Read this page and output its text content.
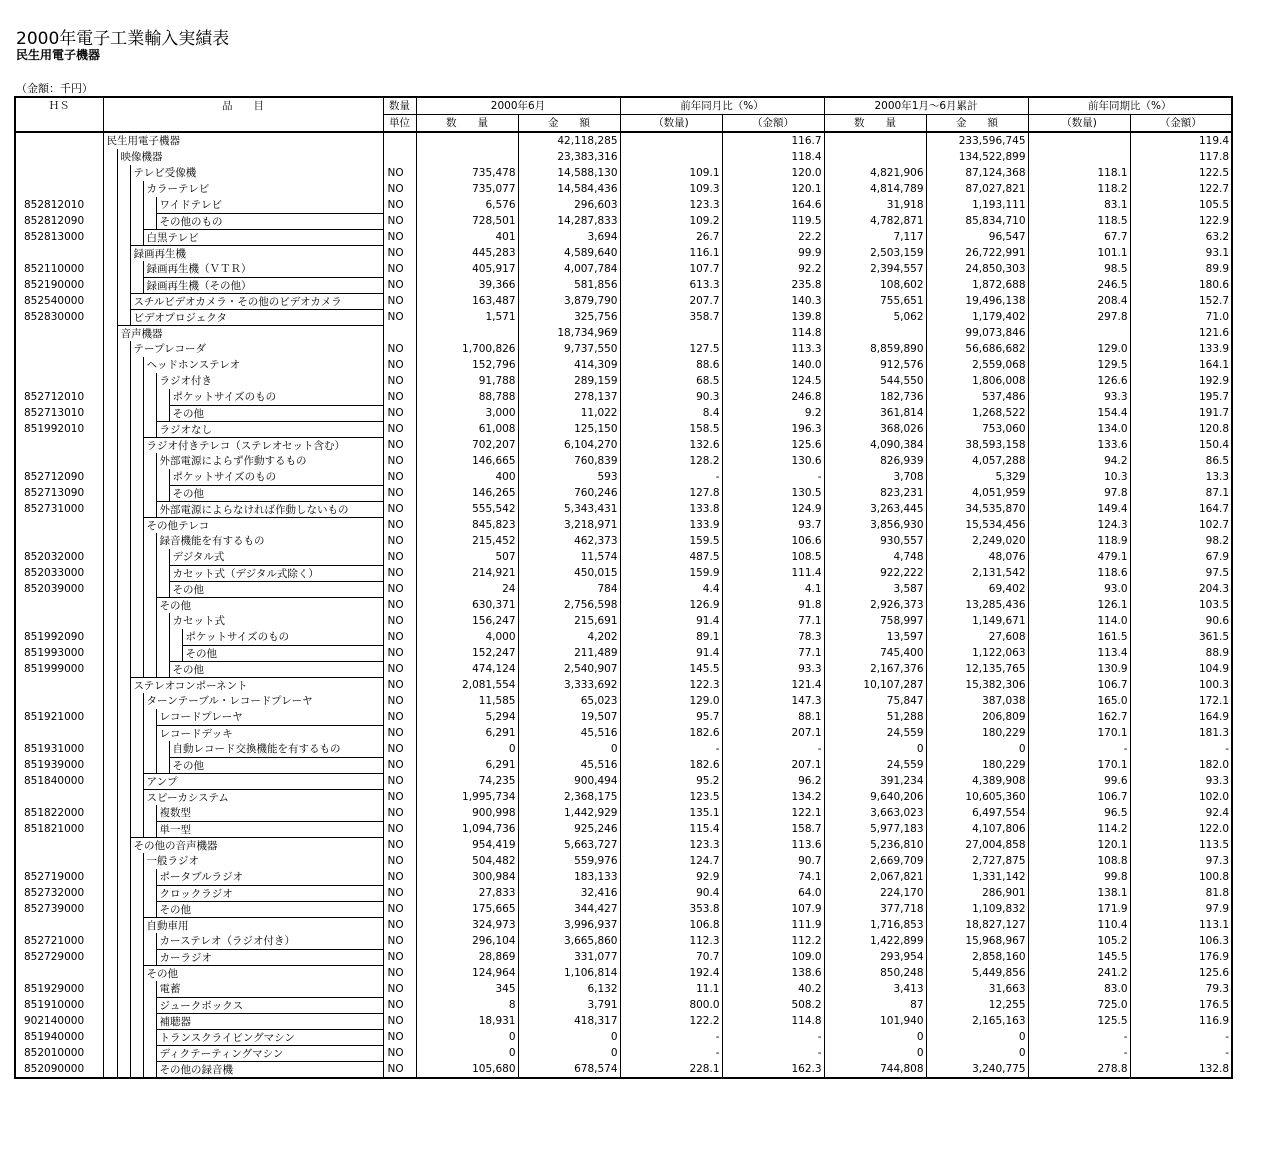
2000年電子工業輸入実績表
民生用電子機器
（金額：千円）
ＨＳ	品　　目	数量	2000年6月		前年同月比（%）		2000年1月～6月累計		前年同期比（%）	
		単位	数　　量	金　　額	（数量)	（金額）	数　　量	金　　額	（数量)	（金額）

	民生用電子機器			42,118,285		116.7		233,596,745		119.4

	映像機器			23,383,316		118.4		134,522,899		117.8

	テレビ受像機	NO	735,478	14,588,130	109.1	120.0	4,821,906	87,124,368	118.1	122.5

	カラーテレビ	NO	735,077	14,584,436	109.3	120.1	4,814,789	87,027,821	118.2	122.7
852812010	ワイドテレビ	NO	6,576	296,603	123.3	164.6	31,918	1,193,111	83.1	105.5
852812090	その他のもの	NO	728,501	14,287,833	109.2	119.5	4,782,871	85,834,710	118.5	122.9
852813000	白黒テレビ	NO	401	3,694	26.7	22.2	7,117	96,547	67.7	63.2

	録画再生機	NO	445,283	4,589,640	116.1	99.9	2,503,159	26,722,991	101.1	93.1
852110000	録画再生機（ＶＴＲ）	NO	405,917	4,007,784	107.7	92.2	2,394,557	24,850,303	98.5	89.9
852190000	録画再生機（その他）	NO	39,366	581,856	613.3	235.8	108,602	1,872,688	246.5	180.6
852540000	スチルビデオカメラ・その他のビデオカメラ	NO	163,487	3,879,790	207.7	140.3	755,651	19,496,138	208.4	152.7
852830000	ビデオプロジェクタ	NO	1,571	325,756	358.7	139.8	5,062	1,179,402	297.8	71.0

	音声機器			18,734,969		114.8		99,073,846		121.6

	テープレコーダ	NO	1,700,826	9,737,550	127.5	113.3	8,859,890	56,686,682	129.0	133.9

	ヘッドホンステレオ	NO	152,796	414,309	88.6	140.0	912,576	2,559,068	129.5	164.1

	ラジオ付き	NO	91,788	289,159	68.5	124.5	544,550	1,806,008	126.6	192.9
852712010	ポケットサイズのもの	NO	88,788	278,137	90.3	246.8	182,736	537,486	93.3	195.7
852713010	その他	NO	3,000	11,022	8.4	9.2	361,814	1,268,522	154.4	191.7
851992010	ラジオなし	NO	61,008	125,150	158.5	196.3	368,026	753,060	134.0	120.8

	ラジオ付きテレコ（ステレオセット含む）	NO	702,207	6,104,270	132.6	125.6	4,090,384	38,593,158	133.6	150.4

	外部電源によらず作動するもの	NO	146,665	760,839	128.2	130.6	826,939	4,057,288	94.2	86.5
852712090	ポケットサイズのもの	NO	400	593	-	-	3,708	5,329	10.3	13.3
852713090	その他	NO	146,265	760,246	127.8	130.5	823,231	4,051,959	97.8	87.1
852731000	外部電源によらなければ作動しないもの	NO	555,542	5,343,431	133.8	124.9	3,263,445	34,535,870	149.4	164.7

	その他テレコ	NO	845,823	3,218,971	133.9	93.7	3,856,930	15,534,456	124.3	102.7

	録音機能を有するもの	NO	215,452	462,373	159.5	106.6	930,557	2,249,020	118.9	98.2
852032000	デジタル式	NO	507	11,574	487.5	108.5	4,748	48,076	479.1	67.9
852033000	カセット式（デジタル式除く）	NO	214,921	450,015	159.9	111.4	922,222	2,131,542	118.6	97.5
852039000	その他	NO	24	784	4.4	4.1	3,587	69,402	93.0	204.3

	その他	NO	630,371	2,756,598	126.9	91.8	2,926,373	13,285,436	126.1	103.5

	カセット式	NO	156,247	215,691	91.4	77.1	758,997	1,149,671	114.0	90.6
851992090	ポケットサイズのもの	NO	4,000	4,202	89.1	78.3	13,597	27,608	161.5	361.5
851993000	その他	NO	152,247	211,489	91.4	77.1	745,400	1,122,063	113.4	88.9
851999000	その他	NO	474,124	2,540,907	145.5	93.3	2,167,376	12,135,765	130.9	104.9

	ステレオコンポーネント	NO	2,081,554	3,333,692	122.3	121.4	10,107,287	15,382,306	106.7	100.3

	ターンテーブル・レコードプレーヤ	NO	11,585	65,023	129.0	147.3	75,847	387,038	165.0	172.1
851921000	レコードプレーヤ	NO	5,294	19,507	95.7	88.1	51,288	206,809	162.7	164.9

	レコードデッキ	NO	6,291	45,516	182.6	207.1	24,559	180,229	170.1	181.3
851931000	自動レコード交換機能を有するもの	NO	0	0	-	-	0	0	-	-
851939000	その他	NO	6,291	45,516	182.6	207.1	24,559	180,229	170.1	182.0
851840000	アンプ	NO	74,235	900,494	95.2	96.2	391,234	4,389,908	99.6	93.3

	スピーカシステム	NO	1,995,734	2,368,175	123.5	134.2	9,640,206	10,605,360	106.7	102.0
851822000	複数型	NO	900,998	1,442,929	135.1	122.1	3,663,023	6,497,554	96.5	92.4
851821000	単一型	NO	1,094,736	925,246	115.4	158.7	5,977,183	4,107,806	114.2	122.0

	その他の音声機器	NO	954,419	5,663,727	123.3	113.6	5,236,810	27,004,858	120.1	113.5

	一般ラジオ	NO	504,482	559,976	124.7	90.7	2,669,709	2,727,875	108.8	97.3
852719000	ポータブルラジオ	NO	300,984	183,133	92.9	74.1	2,067,821	1,331,142	99.8	100.8
852732000	クロックラジオ	NO	27,833	32,416	90.4	64.0	224,170	286,901	138.1	81.8
852739000	その他	NO	175,665	344,427	353.8	107.9	377,718	1,109,832	171.9	97.9

	自動車用	NO	324,973	3,996,937	106.8	111.9	1,716,853	18,827,127	110.4	113.1
852721000	カーステレオ（ラジオ付き）	NO	296,104	3,665,860	112.3	112.2	1,422,899	15,968,967	105.2	106.3
852729000	カーラジオ	NO	28,869	331,077	70.7	109.0	293,954	2,858,160	145.5	176.9

	その他	NO	124,964	1,106,814	192.4	138.6	850,248	5,449,856	241.2	125.6
851929000	電蓄	NO	345	6,132	11.1	40.2	3,413	31,663	83.0	79.3
851910000	ジュークボックス	NO	8	3,791	800.0	508.2	87	12,255	725.0	176.5
902140000	補聴器	NO	18,931	418,317	122.2	114.8	101,940	2,165,163	125.5	116.9
851940000	トランスクライビングマシン	NO	0	0	-	-	0	0	-	-
852010000	ディクテーティングマシン	NO	0	0	-	-	0	0	-	-
852090000	その他の録音機	NO	105,680	678,574	228.1	162.3	744,808	3,240,775	278.8	132.8
